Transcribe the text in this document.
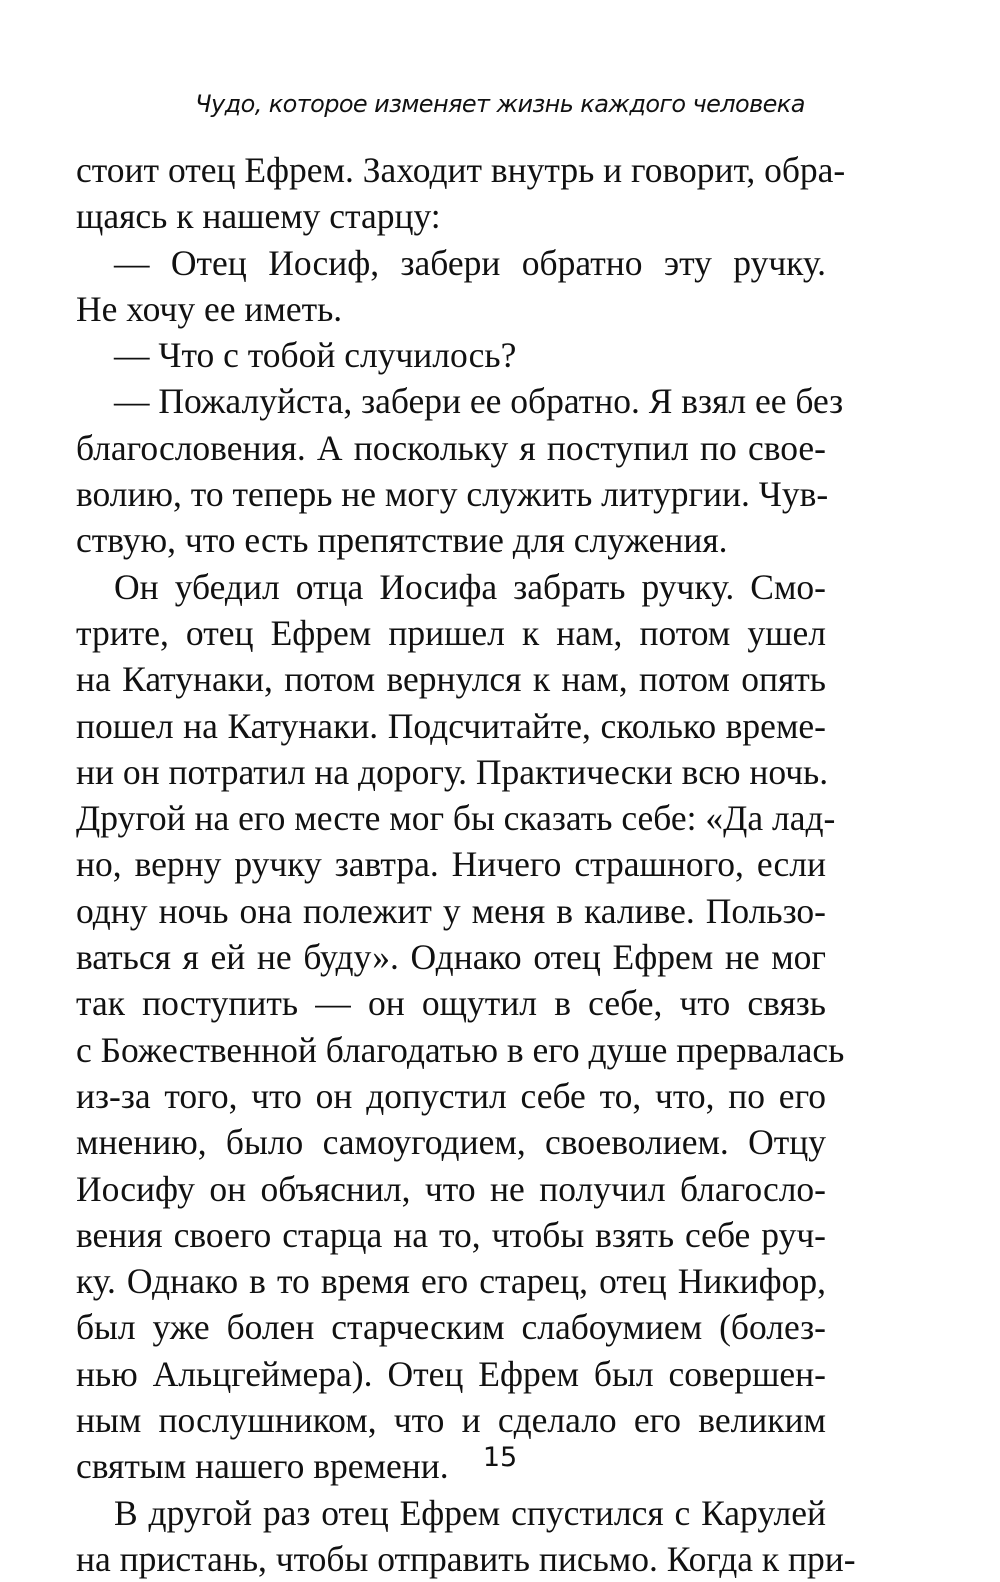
Чудо, которое изменяет жизнь каждого человека
стоит отец Ефрем. Заходит внутрь и говорит, обра-
щаясь к нашему старцу:
— Отец Иосиф, забери обратно эту ручку.
Не хочу ее иметь.
— Что с тобой случилось?
— Пожалуйста, забери ее обратно. Я взял ее без
благословения. А поскольку я поступил по свое-
волию, то теперь не могу служить литургии. Чув-
ствую, что есть препятствие для служения.
Он убедил отца Иосифа забрать ручку. Смо-
трите, отец Ефрем пришел к нам, потом ушел
на Катунаки, потом вернулся к нам, потом опять
пошел на Катунаки. Подсчитайте, сколько време-
ни он потратил на дорогу. Практически всю ночь.
Другой на его месте мог бы сказать себе: «Да лад-
но, верну ручку завтра. Ничего страшного, если
одну ночь она полежит у меня в каливе. Пользо-
ваться я ей не буду». Однако отец Ефрем не мог
так поступить — он ощутил в себе, что связь
с Божественной благодатью в его душе прервалась
из-за того, что он допустил себе то, что, по его
мнению, было самоугодием, своеволием. Отцу
Иосифу он объяснил, что не получил благосло-
вения своего старца на то, чтобы взять себе руч-
ку. Однако в то время его старец, отец Никифор,
был уже болен старческим слабоумием (болез-
нью Альцгеймера). Отец Ефрем был совершен-
ным послушником, что и сделало его великим
святым нашего времени.
В другой раз отец Ефрем спустился с Карулей
на пристань, чтобы отправить письмо. Когда к при-
15
